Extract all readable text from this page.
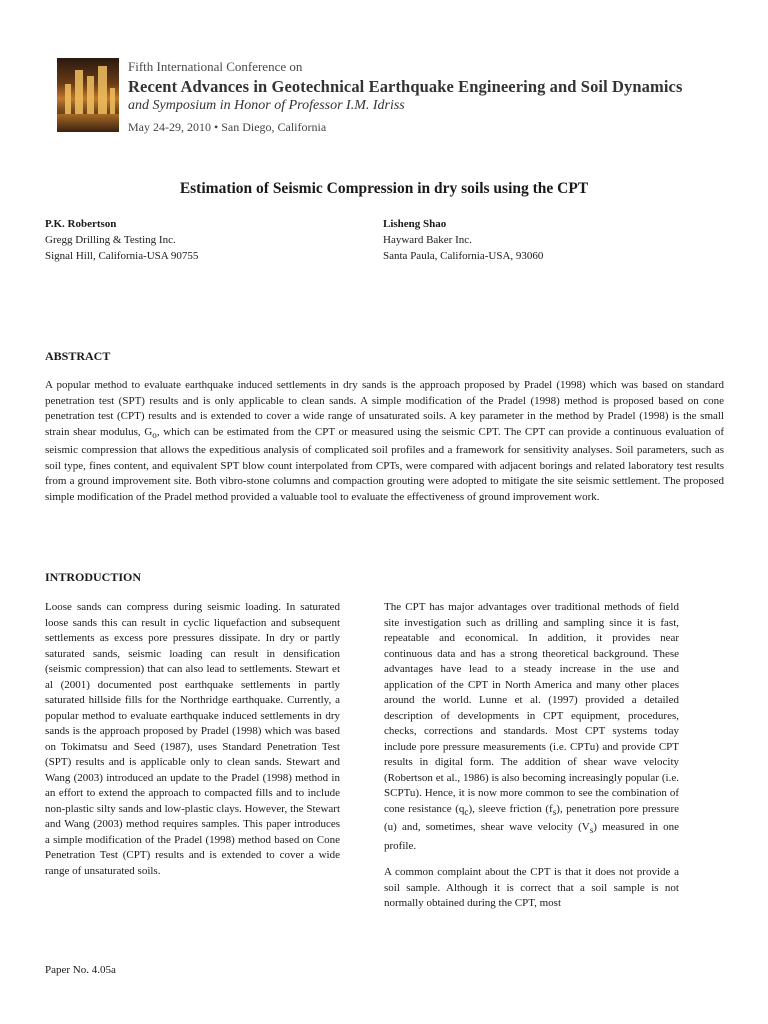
Fifth International Conference on
Recent Advances in Geotechnical Earthquake Engineering and Soil Dynamics
and Symposium in Honor of Professor I.M. Idriss
May 24-29, 2010 • San Diego, California
Estimation of Seismic Compression in dry soils using the CPT
P.K. Robertson
Gregg Drilling & Testing Inc.
Signal Hill, California-USA 90755
Lisheng Shao
Hayward Baker Inc.
Santa Paula, California-USA, 93060
ABSTRACT

A popular method to evaluate earthquake induced settlements in dry sands is the approach proposed by Pradel (1998) which was based on standard penetration test (SPT) results and is only applicable to clean sands. A simple modification of the Pradel (1998) method is proposed based on cone penetration test (CPT) results and is extended to cover a wide range of unsaturated soils. A key parameter in the method by Pradel (1998) is the small strain shear modulus, $G_o$, which can be estimated from the CPT or measured using the seismic CPT. The CPT can provide a continuous evaluation of seismic compression that allows the expeditious analysis of complicated soil profiles and a framework for sensitivity analyses. Soil parameters, such as soil type, fines content, and equivalent SPT blow count interpolated from CPTs, were compared with adjacent borings and related laboratory test results from a ground improvement site. Both vibro-stone columns and compaction grouting were adopted to mitigate the site seismic settlement. The proposed simple modification of the Pradel method provided a valuable tool to evaluate the effectiveness of ground improvement work.

INTRODUCTION

Loose sands can compress during seismic loading. In saturated loose sands this can result in cyclic liquefaction and subsequent settlements as excess pore pressures dissipate. In dry or partly saturated sands, seismic loading can result in densification (seismic compression) that can also lead to settlements. Stewart et al (2001) documented post earthquake settlements in partly saturated hillside fills for the Northridge earthquake. Currently, a popular method to evaluate earthquake induced settlements in dry sands is the approach proposed by Pradel (1998) which was based on Tokimatsu and Seed (1987), uses Standard Penetration Test (SPT) results and is applicable only to clean sands. Stewart and Wang (2003) introduced an update to the Pradel (1998) method in an effort to extend the approach to compacted fills and to include non-plastic silty sands and low-plastic clays. However, the Stewart and Wang (2003) method requires samples. This paper introduces a simple modification of the Pradel (1998) method based on Cone Penetration Test (CPT) results and is extended to cover a wide range of unsaturated soils.

The CPT has major advantages over traditional methods of field site investigation such as drilling and sampling since it is fast, repeatable and economical. In addition, it provides near continuous data and has a strong theoretical background. These advantages have lead to a steady increase in the use and application of the CPT in North America and many other places around the world. Lunne et al. (1997) provided a detailed description of developments in CPT equipment, procedures, checks, corrections and standards. Most CPT systems today include pore pressure measurements (i.e. CPTu) and provide CPT results in digital form. The addition of shear wave velocity (Robertson et al., 1986) is also becoming increasingly popular (i.e. SCPTu). Hence, it is now more common to see the combination of cone resistance $(q_c)$, sleeve friction $(f_s)$, penetration pore pressure (u) and, sometimes, shear wave velocity $(V_s)$ measured in one profile.

A common complaint about the CPT is that it does not provide a soil sample. Although it is correct that a soil sample is not normally obtained during the CPT, most

Paper No. 4.05a
